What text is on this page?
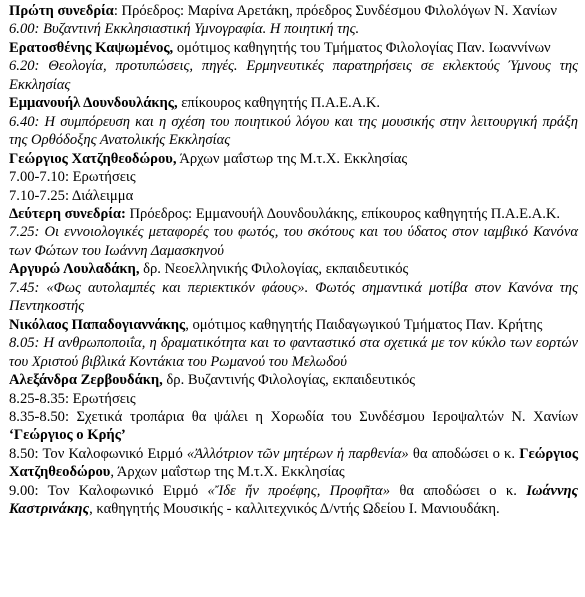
Πρώτη συνεδρία: Πρόεδρος: Μαρίνα Αρετάκη, πρόεδρος Συνδέσμου Φιλολόγων Ν. Χανίων

6.00: Βυζαντινή Εκκλησιαστική Υμνογραφία. Η ποιητική της.

Ερατοσθένης Καψωμένος, ομότιμος καθηγητής του Τμήματος Φιλολογίας Παν. Ιωαννίνων

6.20: Θεολογία, προτυπώσεις, πηγές. Ερμηνευτικές παρατηρήσεις σε εκλεκτούς Ύμνους της Εκκλησίας

Εμμανουήλ Δουνδουλάκης, επίκουρος καθηγητής Π.Α.Ε.Α.Κ.

6.40: Η συμπόρευση και η σχέση του ποιητικού λόγου και της μουσικής στην λειτουργική πράξη της Ορθόδοξης Ανατολικής Εκκλησίας

Γεώργιος Χατζηθεοδώρου, Άρχων μαΐστωρ της Μ.τ.Χ. Εκκλησίας

7.00-7.10: Ερωτήσεις

7.10-7.25: Διάλειμμα

Δεύτερη συνεδρία: Πρόεδρος: Εμμανουήλ Δουνδουλάκης, επίκουρος καθηγητής Π.Α.Ε.Α.Κ.

7.25: Οι εννοιολογικές μεταφορές του φωτός, του σκότους και του ύδατος στον ιαμβικό Κανόνα των Φώτων του Ιωάννη Δαμασκηνού

Αργυρώ Λουλαδάκη, δρ. Νεοελληνικής Φιλολογίας, εκπαιδευτικός

7.45: «Φως αυτολαμπές και περιεκτικόν φάους». Φωτός σημαντικά μοτίβα στον Κανόνα της Πεντηκοστής

Νικόλαος Παπαδογιαννάκης, ομότιμος καθηγητής Παιδαγωγικού Τμήματος Παν. Κρήτης

8.05: Η ανθρωποποιΐα, η δραματικότητα και το φανταστικό στα σχετικά με τον κύκλο των εορτών του Χριστού βιβλικά Κοντάκια του Ρωμανού του Μελωδού

Αλεξάνδρα Ζερβουδάκη, δρ. Βυζαντινής Φιλολογίας, εκπαιδευτικός

8.25-8.35: Ερωτήσεις

8.35-8.50: Σχετικά τροπάρια θα ψάλει η Χορωδία του Συνδέσμου Ιεροψαλτών Ν. Χανίων ‘Γεώργιος ο Κρής’

8.50: Τον Καλοφωνικό Ειρμό «Ἀλλότριον τῶν μητέρων ἡ παρθενία» θα αποδώσει ο κ. Γεώργιος Χατζηθεοδώρου, Άρχων μαΐστωρ της Μ.τ.Χ. Εκκλησίας

9.00: Τον Καλοφωνικό Ειρμό «Ἴδε ἤν προέφης, Προφῆτα» θα αποδώσει ο κ. Ιωάννης Καστρινάκης, καθηγητής Μουσικής - καλλιτεχνικός Δ/ντής Ωδείου Ι. Μανιουδάκη.
